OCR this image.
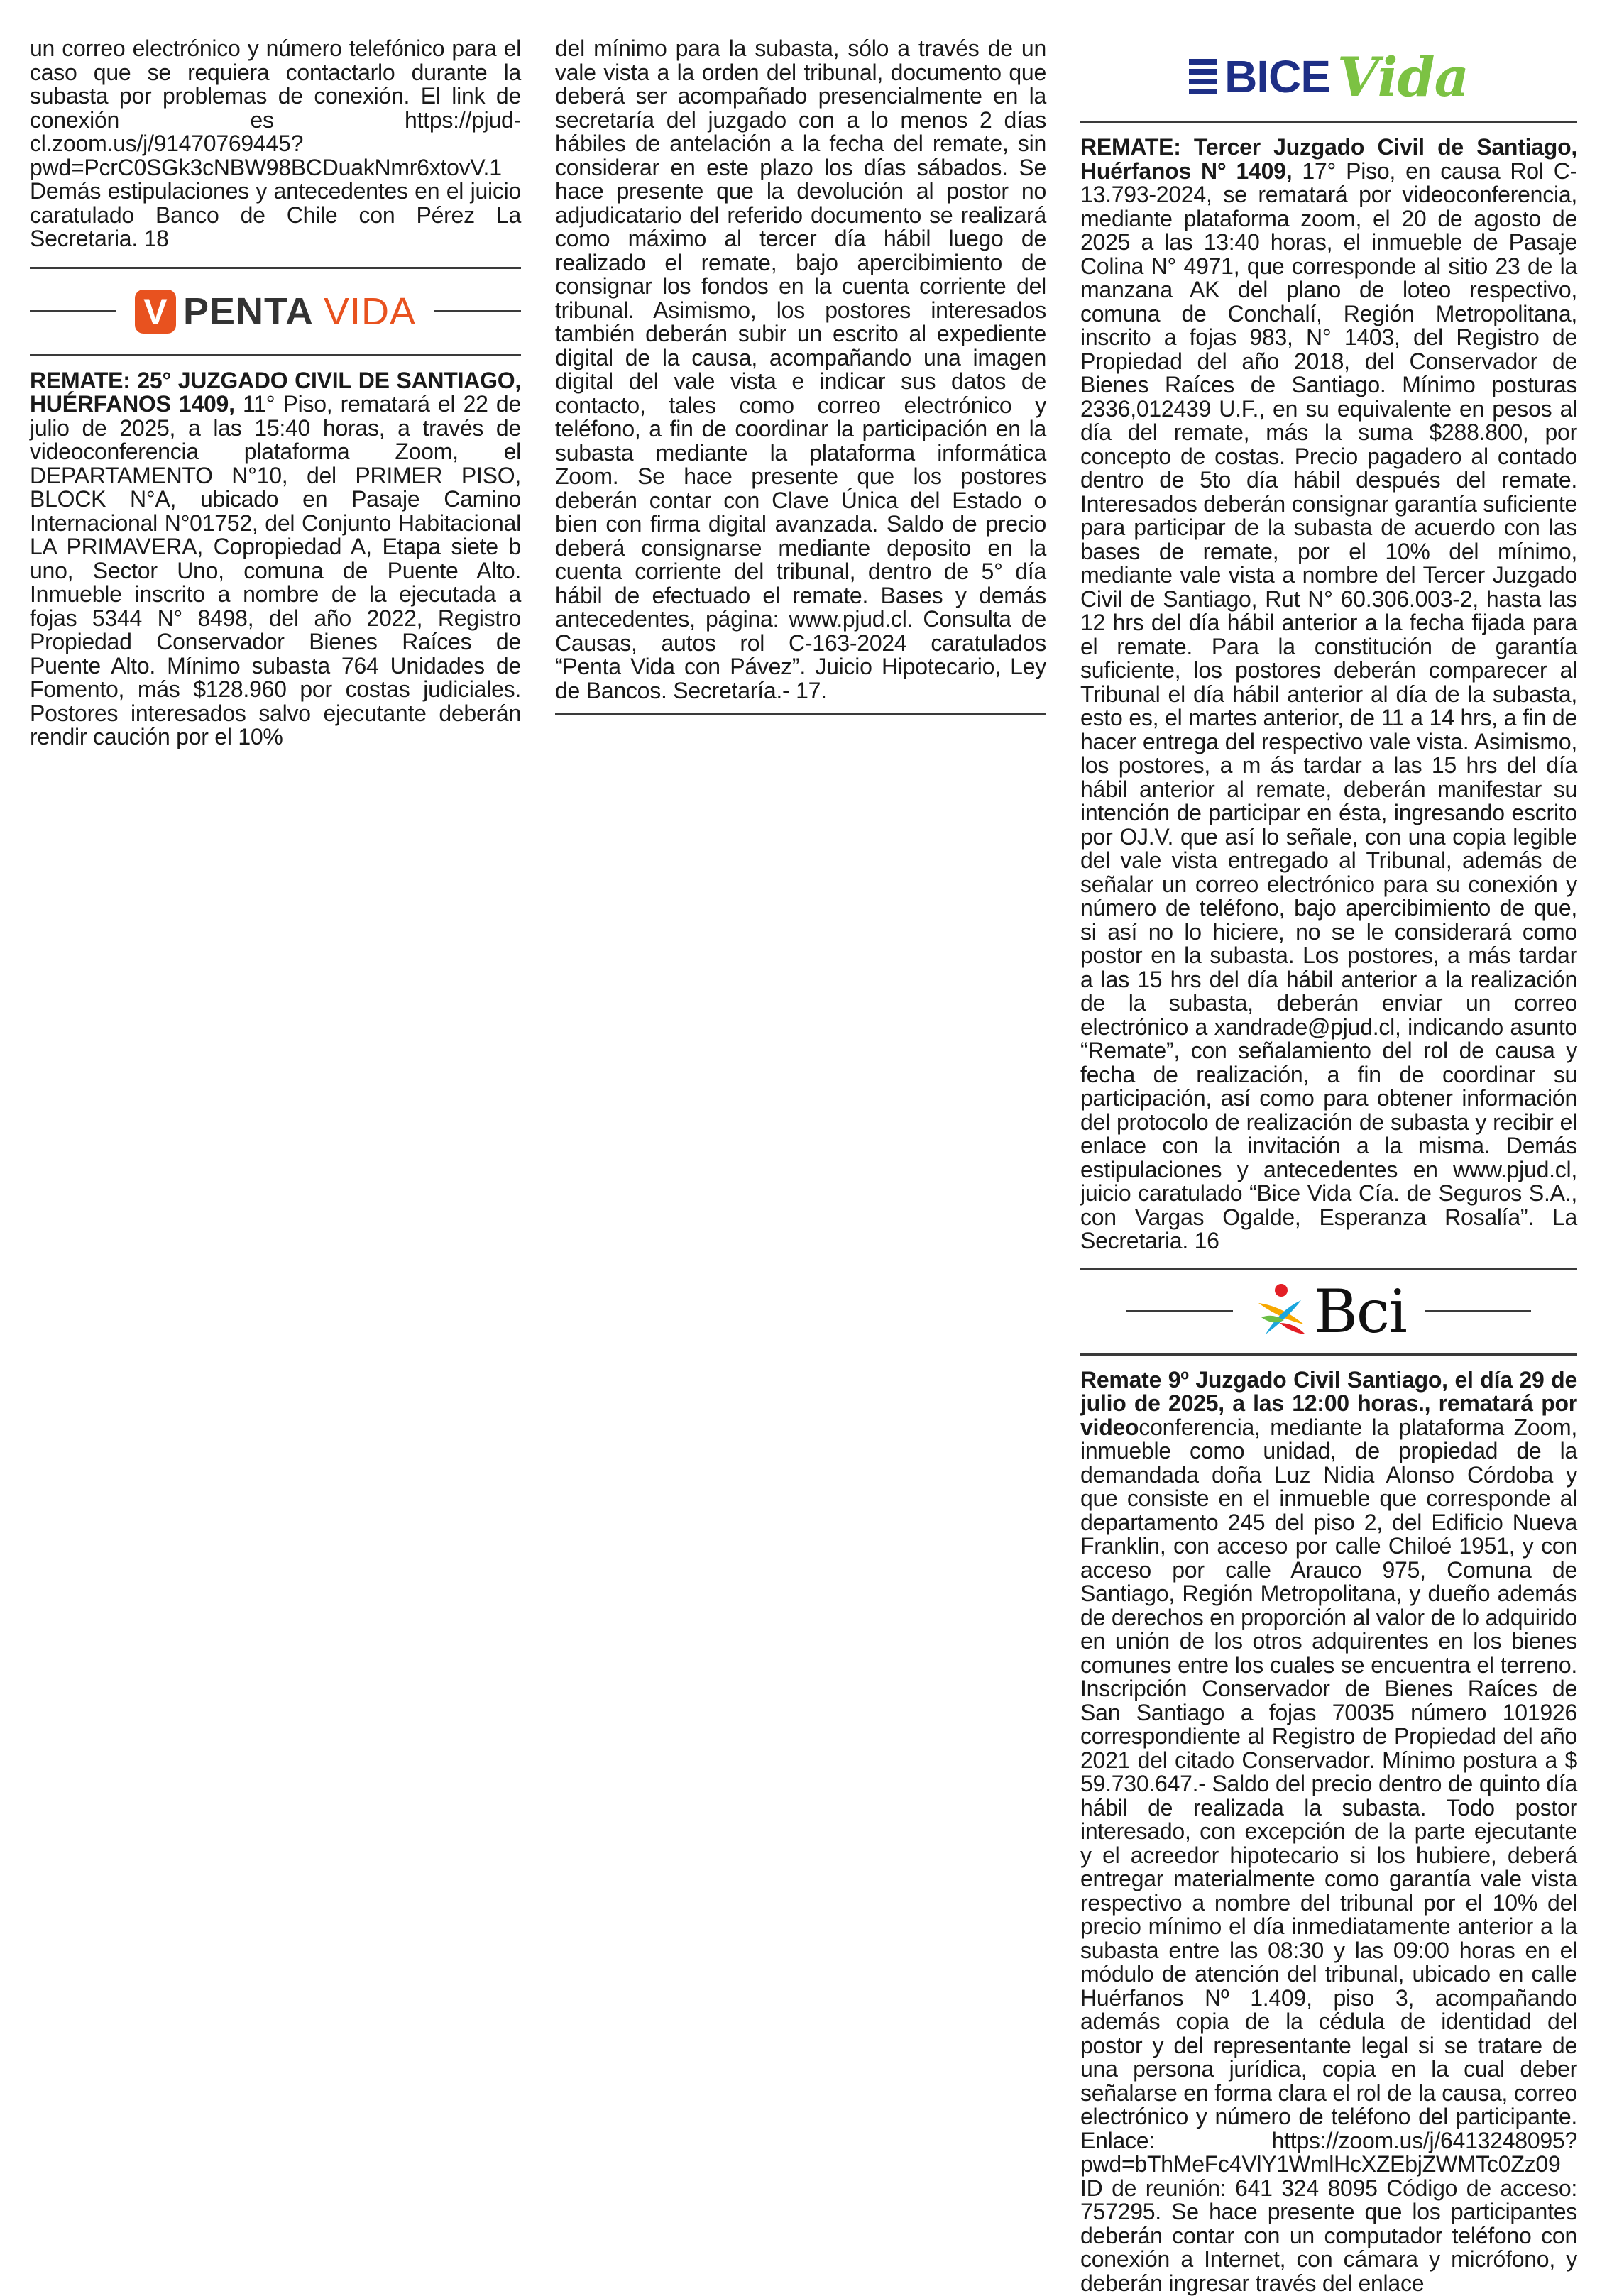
un correo electrónico y número telefónico para el caso que se requiera contactarlo durante la subasta por problemas de conexión. El link de conexión es https://pjud-cl.zoom.us/j/91470769445? pwd=PcrC0SGk3cNBW98BCDuakNmr6xtovV.1 Demás estipulaciones y antecedentes en el juicio caratulado Banco de Chile con Pérez La Secretaria. 18

V PENTA VIDA

REMATE: 25° JUZGADO CIVIL DE SANTIAGO, HUÉRFANOS 1409, 11° Piso, rematará el 22 de julio de 2025, a las 15:40 horas, a través de videoconferencia plataforma Zoom, el DEPARTAMENTO N°10, del PRIMER PISO, BLOCK N°A, ubicado en Pasaje Camino Internacional N°01752, del Conjunto Habitacional LA PRIMAVERA, Copropiedad A, Etapa siete b uno, Sector Uno, comuna de Puente Alto. Inmueble inscrito a nombre de la ejecutada a fojas 5344 N° 8498, del año 2022, Registro Propiedad Conservador Bienes Raíces de Puente Alto. Mínimo subasta 764 Unidades de Fomento, más $128.960 por costas judiciales. Postores interesados salvo ejecutante deberán rendir caución por el 10%

del mínimo para la subasta, sólo a través de un vale vista a la orden del tribunal, documento que deberá ser acompañado presencialmente en la secretaría del juzgado con a lo menos 2 días hábiles de antelación a la fecha del remate, sin considerar en este plazo los días sábados. Se hace presente que la devolución al postor no adjudicatario del referido documento se realizará como máximo al tercer día hábil luego de realizado el remate, bajo apercibimiento de consignar los fondos en la cuenta corriente del tribunal. Asimismo, los postores interesados también deberán subir un escrito al expediente digital de la causa, acompañando una imagen digital del vale vista e indicar sus datos de contacto, tales como correo electrónico y teléfono, a fin de coordinar la participación en la subasta mediante la plataforma informática Zoom. Se hace presente que los postores deberán contar con Clave Única del Estado o bien con firma digital avanzada. Saldo de precio deberá consignarse mediante deposito en la cuenta corriente del tribunal, dentro de 5° día hábil de efectuado el remate. Bases y demás antecedentes, página: www.pjud.cl. Consulta de Causas, autos rol C-163-2024 caratulados “Penta Vida con Pávez”. Juicio Hipotecario, Ley de Bancos. Secretaría.- 17.

BICE Vida

REMATE: Tercer Juzgado Civil de Santiago, Huérfanos N° 1409, 17° Piso, en causa Rol C-13.793-2024, se rematará por videoconferencia, mediante plataforma zoom, el 20 de agosto de 2025 a las 13:40 horas, el inmueble de Pasaje Colina N° 4971, que corresponde al sitio 23 de la manzana AK del plano de loteo respectivo, comuna de Conchalí, Región Metropolitana, inscrito a fojas 983, N° 1403, del Registro de Propiedad del año 2018, del Conservador de Bienes Raíces de Santiago. Mínimo posturas 2336,012439 U.F., en su equivalente en pesos al día del remate, más la suma $288.800, por concepto de costas. Precio pagadero al contado dentro de 5to día hábil después del remate. Interesados deberán consignar garantía suficiente para participar de la subasta de acuerdo con las bases de remate, por el 10% del mínimo, mediante vale vista a nombre del Tercer Juzgado Civil de Santiago, Rut N° 60.306.003-2, hasta las 12 hrs del día hábil anterior a la fecha fijada para el remate. Para la constitución de garantía suficiente, los postores deberán comparecer al Tribunal el día hábil anterior al día de la subasta, esto es, el martes anterior, de 11 a 14 hrs, a fin de hacer entrega del respectivo vale vista. Asimismo, los postores, a m ás tardar a las 15 hrs del día hábil anterior al remate, deberán manifestar su intención de participar en ésta, ingresando escrito por OJ.V. que así lo señale, con una copia legible del vale vista entregado al Tribunal, además de señalar un correo electrónico para su conexión y número de teléfono, bajo apercibimiento de que, si así no lo hiciere, no se le considerará como postor en la subasta. Los postores, a más tardar a las 15 hrs del día hábil anterior a la realización de la subasta, deberán enviar un correo electrónico a xandrade@pjud.cl, indicando asunto “Remate”, con señalamiento del rol de causa y fecha de realización, a fin de coordinar su participación, así como para obtener información del protocolo de realización de subasta y recibir el enlace con la invitación a la misma. Demás estipulaciones y antecedentes en www.pjud.cl, juicio caratulado “Bice Vida Cía. de Seguros S.A., con Vargas Ogalde, Esperanza Rosalía”. La Secretaria. 16

Bci

Remate 9º Juzgado Civil Santiago, el día 29 de julio de 2025, a las 12:00 horas., rematará por videoconferencia, mediante la plataforma Zoom, inmueble como unidad, de propiedad de la demandada doña Luz Nidia Alonso Córdoba y que consiste en el inmueble que corresponde al departamento 245 del piso 2, del Edificio Nueva Franklin, con acceso por calle Chiloé 1951, y con acceso por calle Arauco 975, Comuna de Santiago, Región Metropolitana, y dueño además de derechos en proporción al valor de lo adquirido en unión de los otros adquirentes en los bienes comunes entre los cuales se encuentra el terreno. Inscripción Conservador de Bienes Raíces de San Santiago a fojas 70035 número 101926 correspondiente al Registro de Propiedad del año 2021 del citado Conservador. Mínimo postura a $ 59.730.647.- Saldo del precio dentro de quinto día hábil de realizada la subasta. Todo postor interesado, con excepción de la parte ejecutante y el acreedor hipotecario si los hubiere, deberá entregar materialmente como garantía vale vista respectivo a nombre del tribunal por el 10% del precio mínimo el día inmediatamente anterior a la subasta entre las 08:30 y las 09:00 horas en el módulo de atención del tribunal, ubicado en calle Huérfanos Nº 1.409, piso 3, acompañando además copia de la cédula de identidad del postor y del representante legal si se tratare de una persona jurídica, copia en la cual deber señalarse en forma clara el rol de la causa, correo electrónico y número de teléfono del participante. Enlace: https://zoom.us/j/6413248095?pwd=bThMeFc4VlY1WmlHcXZEbjZWMTc0Zz09 ID de reunión: 641 324 8095 Código de acceso: 757295. Se hace presente que los participantes deberán contar con un computador teléfono con conexión a Internet, con cámara y micrófono, y deberán ingresar través del enlace
